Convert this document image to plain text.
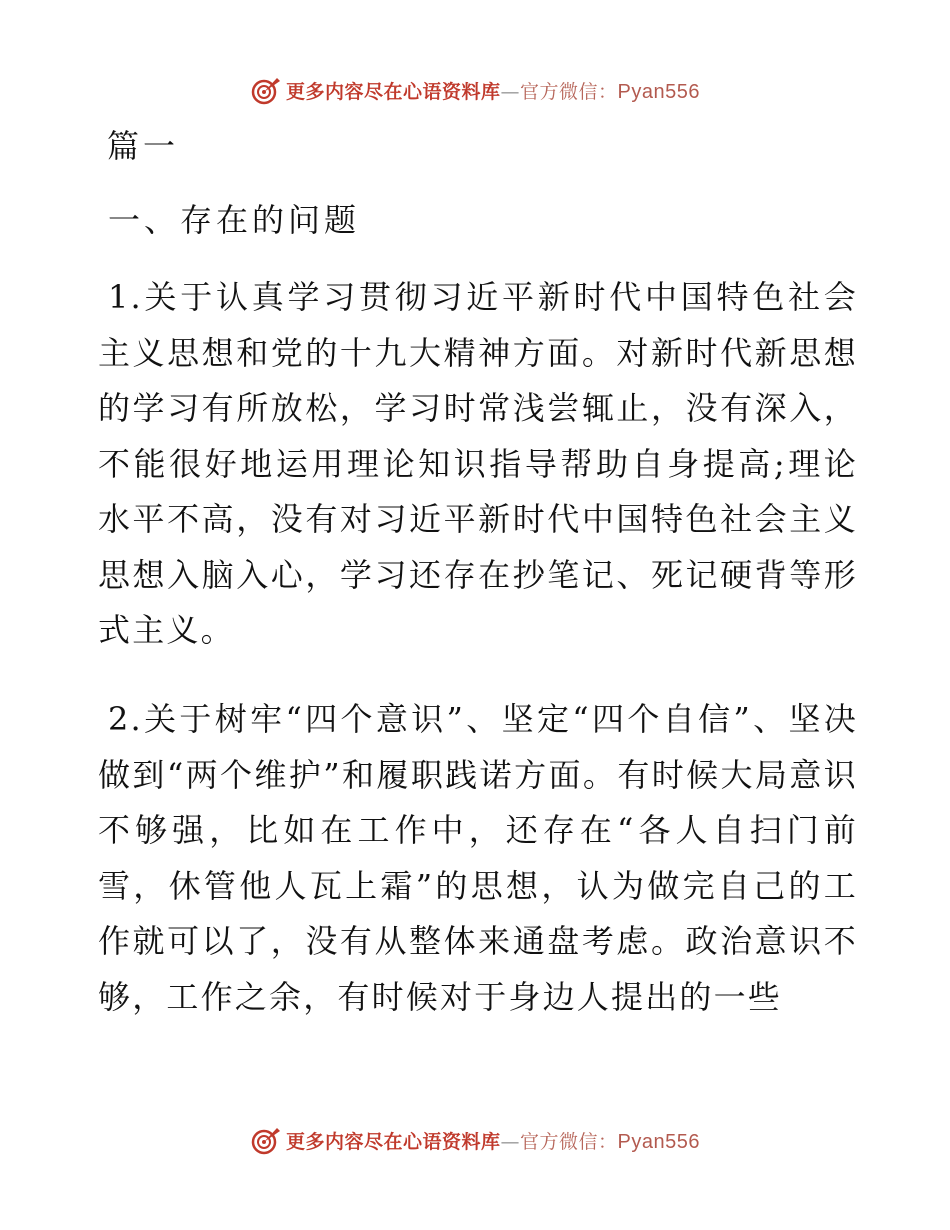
更多内容尽在心语资料库—官方微信：Pyan556
篇一
一、存在的问题

1.关于认真学习贯彻习近平新时代中国特色社会主义思想和党的十九大精神方面。对新时代新思想的学习有所放松，学习时常浅尝辄止，没有深入，不能很好地运用理论知识指导帮助自身提高;理论水平不高，没有对习近平新时代中国特色社会主义思想入脑入心，学习还存在抄笔记、死记硬背等形式主义。

2.关于树牢“四个意识”、坚定“四个自信”、坚决做到“两个维护”和履职践诺方面。有时候大局意识不够强，比如在工作中，还存在“各人自扫门前雪，休管他人瓦上霜”的思想，认为做完自己的工作就可以了，没有从整体来通盘考虑。政治意识不够，工作之余，有时候对于身边人提出的一些

更多内容尽在心语资料库—官方微信：Pyan556
